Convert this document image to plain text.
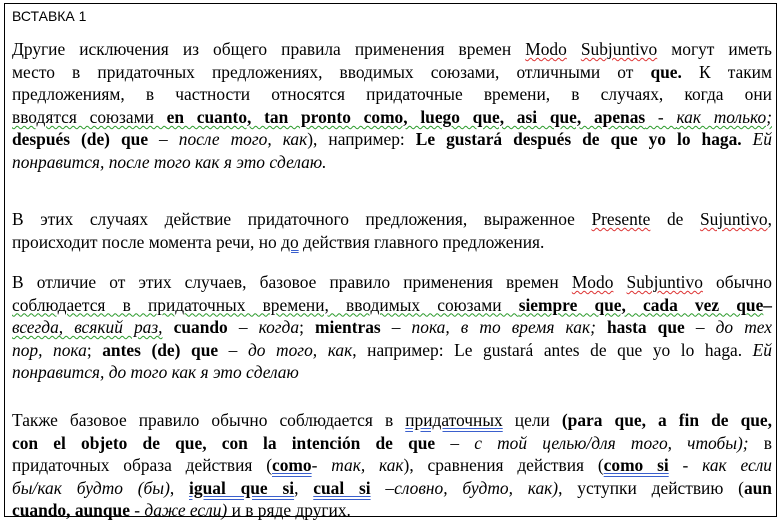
ВСТАВКА 1
Другие исключения из общего правила применения времен Modo Subjuntivo могут иметь
место в придаточных предложениях, вводимых союзами, отличными от que. К таким
предложениям, в частности относятся придаточные времени, в случаях, когда они
вводятся союзами en cuanto, tan pronto como, luego que, asi que, apenas - как только;
después (de) que – после того, как), например: Le gustará después de que yo lo haga. Ей
понравится, после того как я это сделаю.
В этих случаях действие придаточного предложения, выраженное Presente de Sujuntivo,
происходит после момента речи, но до действия главного предложения.
В отличие от этих случаев, базовое правило применения времен Modo Subjuntivo обычно
соблюдается в придаточных времени, вводимых союзами siempre que, cada vez que–
всегда, всякий раз, cuando – когда; mientras – пока, в то время как; hasta que – до тех
пор, пока; antes (de) que – до того, как, например: Le gustará antes de que yo lo haga. Ей
понравится, до того как я это сделаю
Также базовое правило обычно соблюдается в придаточных цели (para que, a fin de que,
con el objeto de que, con la intención de que – с той целью/для того, чтобы); в
придаточных образа действия (como- так, как), сравнения действия (como si - как если
бы/как будто (бы), igual que si, cual si –словно, будто, как), уступки действию (aun
cuando, aunque - даже если) и в ряде других.
